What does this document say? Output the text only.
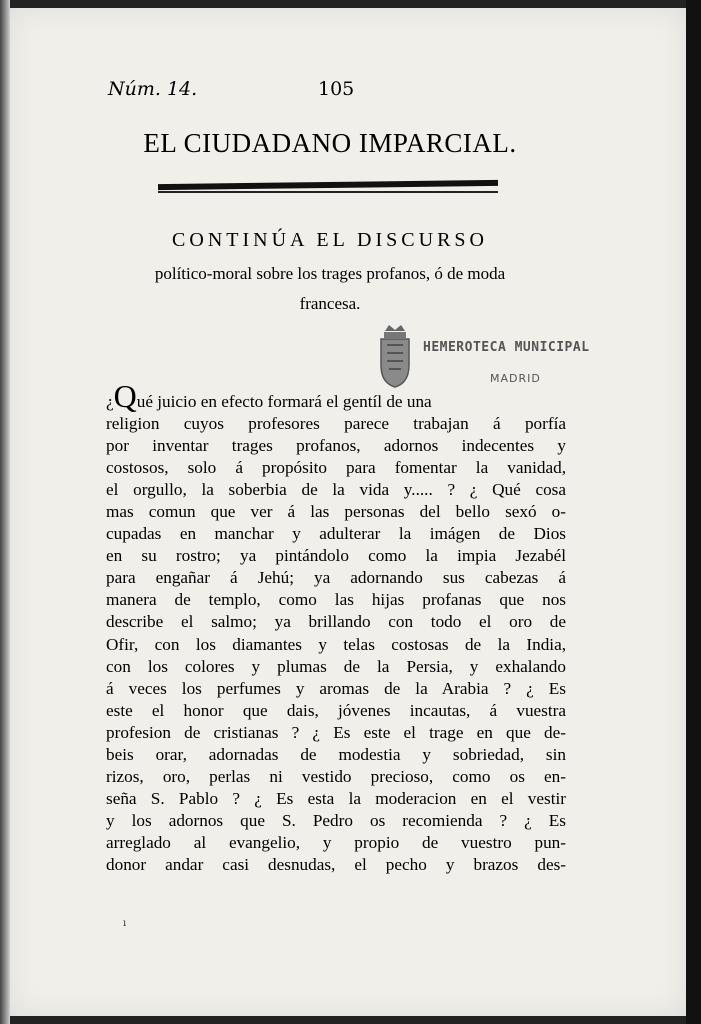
Núm. 14.	105
EL CIUDADANO IMPARCIAL.
CONTINÚA EL DISCURSO
político-moral sobre los trages profanos, ó de moda
francesa.
HEMEROTECA MUNICIPAL
MADRID
¿Qué juicio en efecto formará el gentíl de una
religion cuyos profesores parece trabajan á porfía
por inventar trages profanos, adornos indecentes y
costosos, solo á propósito para fomentar la vanidad,
el orgullo, la soberbia de la vida y..... ? ¿ Qué cosa
mas comun que ver á las personas del bello sexó o-
cupadas en manchar y adulterar la imágen de Dios
en su rostro; ya pintándolo como la impia Jezabél
para engañar á Jehú; ya adornando sus cabezas á
manera de templo, como las hijas profanas que nos
describe el salmo; ya brillando con todo el oro de
Ofir, con los diamantes y telas costosas de la India,
con los colores y plumas de la Persia, y exhalando
á veces los perfumes y aromas de la Arabia ? ¿ Es
este el honor que dais, jóvenes incautas, á vuestra
profesion de cristianas ? ¿ Es este el trage en que de-
beis orar, adornadas de modestia y sobriedad, sin
rizos, oro, perlas ni vestido precioso, como os en-
seña S. Pablo ? ¿ Es esta la moderacion en el vestir
y los adornos que S. Pedro os recomienda ? ¿ Es
arreglado al evangelio, y propio de vuestro pun-
donor andar casi desnudas, el pecho y brazos des-
ı
